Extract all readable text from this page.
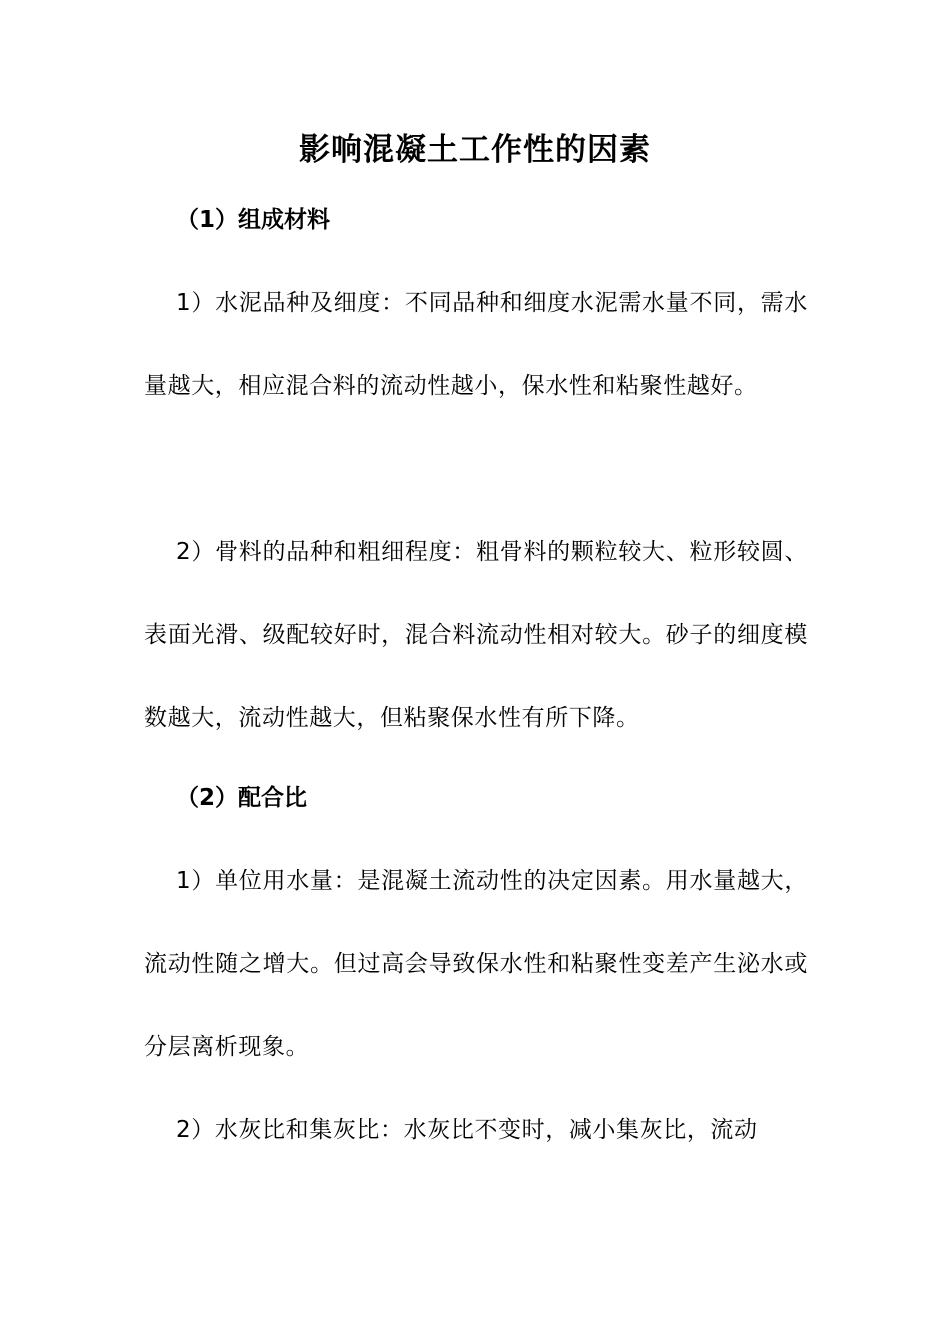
影响混凝土工作性的因素
（1）组成材料

1）水泥品种及细度：不同品种和细度水泥需水量不同，需水量越大，相应混合料的流动性越小，保水性和粘聚性越好。

2）骨料的品种和粗细程度：粗骨料的颗粒较大、粒形较圆、表面光滑、级配较好时，混合料流动性相对较大。砂子的细度模数越大，流动性越大，但粘聚保水性有所下降。

（2）配合比

1）单位用水量：是混凝土流动性的决定因素。用水量越大，流动性随之增大。但过高会导致保水性和粘聚性变差产生泌水或分层离析现象。

2）水灰比和集灰比：水灰比不变时，减小集灰比，流动
